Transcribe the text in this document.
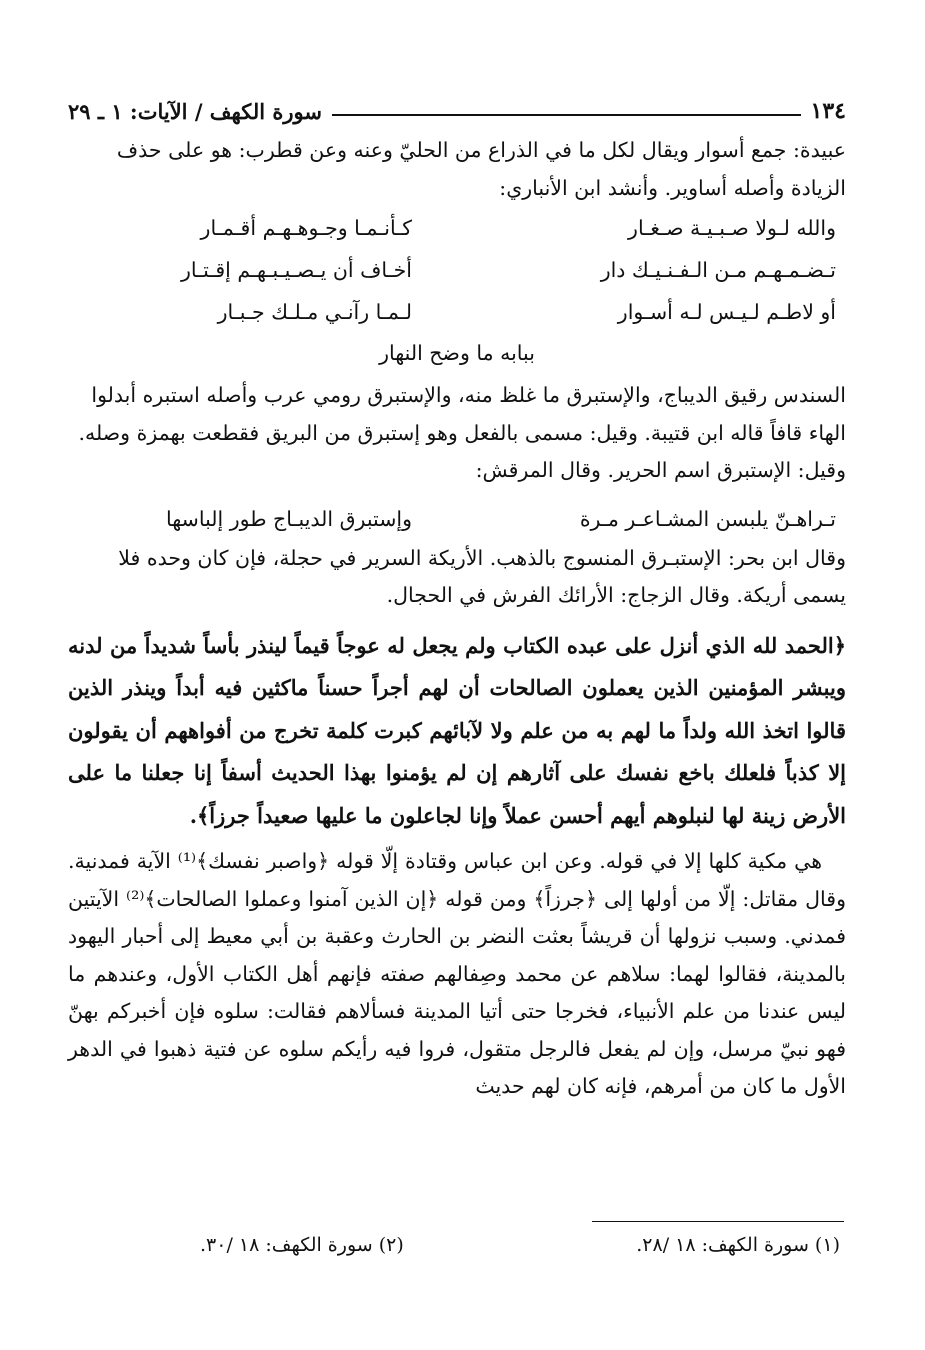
١٣٤
سورة الكهف / الآيات: ١ ـ ٢٩

عبيدة: جمع أسوار ويقال لكل ما في الذراع من الحليّ وعنه وعن قطرب: هو على حذف

الزيادة وأصله أساوير. وأنشد ابن الأنباري:

والله لـولا صـبـيـة صـغـار
كـأنـمـا وجـوهـهـم أقـمـار
تـضـمـهـم مـن الـفـنـيـك دار
أخـاف أن يـصـيـبـهـم إقـتـار
أو لاطـم لـيـس لـه أسـوار
لـمـا رآنـي مـلـك جـبـار

ببابه ما وضح النهار

السندس رقيق الديباج، والإستبرق ما غلظ منه، والإستبرق رومي عرب وأصله استبره أبدلوا

الهاء قافاً قاله ابن قتيبة. وقيل: مسمى بالفعل وهو إستبرق من البريق فقطعت بهمزة وصله.

وقيل: الإستبرق اسم الحرير. وقال المرقش:

تـراهـنّ يلبسن المشـاعـر مـرة
وإستبرق الديبـاج طور إلباسها

وقال ابن بحر: الإستبـرق المنسوج بالذهب. الأريكة السرير في حجلة، فإن كان وحده فلا

يسمى أريكة. وقال الزجاج: الأرائك الفرش في الحجال.

﴿الحمد لله الذي أنزل على عبده الكتاب ولم يجعل له عوجاً قيماً لينذر بأساً شديداً من لدنه ويبشر المؤمنين الذين يعملون الصالحات أن لهم أجراً حسناً ماكثين فيه أبداً وينذر الذين قالوا اتخذ الله ولداً ما لهم به من علم ولا لآبائهم كبرت كلمة تخرج من أفواههم أن يقولون إلا كذباً فلعلك باخع نفسك على آثارهم إن لم يؤمنوا بهذا الحديث أسفاً إنا جعلنا ما على الأرض زينة لها لنبلوهم أيهم أحسن عملاً وإنا لجاعلون ما عليها صعيداً جرزاً﴾.

هي مكية كلها إلا في قوله. وعن ابن عباس وقتادة إلّا قوله ﴿واصبر نفسك﴾⁽¹⁾ الآية فمدنية. وقال مقاتل: إلّا من أولها إلى ﴿جرزاً﴾ ومن قوله ﴿إن الذين آمنوا وعملوا الصالحات﴾⁽²⁾ الآيتين فمدني. وسبب نزولها أن قريشاً بعثت النضر بن الحارث وعقبة بن أبي معيط إلى أحبار اليهود بالمدينة، فقالوا لهما: سلاهم عن محمد وصِفالهم صفته فإنهم أهل الكتاب الأول، وعندهم ما ليس عندنا من علم الأنبياء، فخرجا حتى أتيا المدينة فسألاهم فقالت: سلوه فإن أخبركم بهنّ فهو نبيّ مرسل، وإن لم يفعل فالرجل متقول، فروا فيه رأيكم سلوه عن فتية ذهبوا في الدهر الأول ما كان من أمرهم، فإنه كان لهم حديث

(١) سورة الكهف: ١٨ /٢٨.
(٢) سورة الكهف: ١٨ /٣٠.
